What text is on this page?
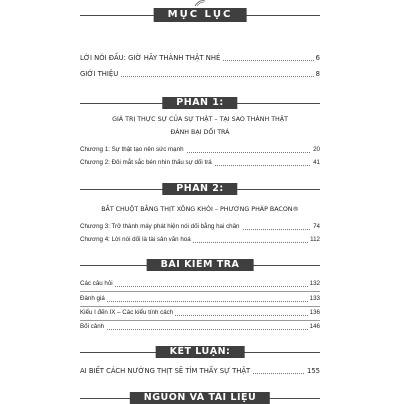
MỤC LỤC
LỜI NÓI ĐẦU: GIỜ HÃY THÀNH THẬT NHÉ	6
GIỚI THIỆU	8
PHẦN 1:
GIÁ TRỊ THỰC SỰ CỦA SỰ THẬT – TẠI SAO THÀNH THẬT
ĐÁNH BẠI DỐI TRÁ
Chương 1: Sự thật tạo nên sức mạnh	20
Chương 2: Đôi mắt sắc bén nhìn thấu sự dối trá	41
PHẦN 2:
BẮT CHUỘT BẰNG THỊT XÔNG KHÓI – PHƯƠNG PHÁP BACON®
Chương 3: Trở thành máy phát hiện nói dối bằng hai chân	74
Chương 4: Lời nói dối là tài sản văn hoá	112
BÀI KIỂM TRA
Các câu hỏi	132
Đánh giá	133
Kiểu I đến IX – Các kiểu tính cách	136
Bối cảnh	146
KẾT LUẬN:
AI BIẾT CÁCH NƯỚNG THỊT SẼ TÌM THẤY SỰ THẬT	155
NGUỒN VÀ TÀI LIỆU
